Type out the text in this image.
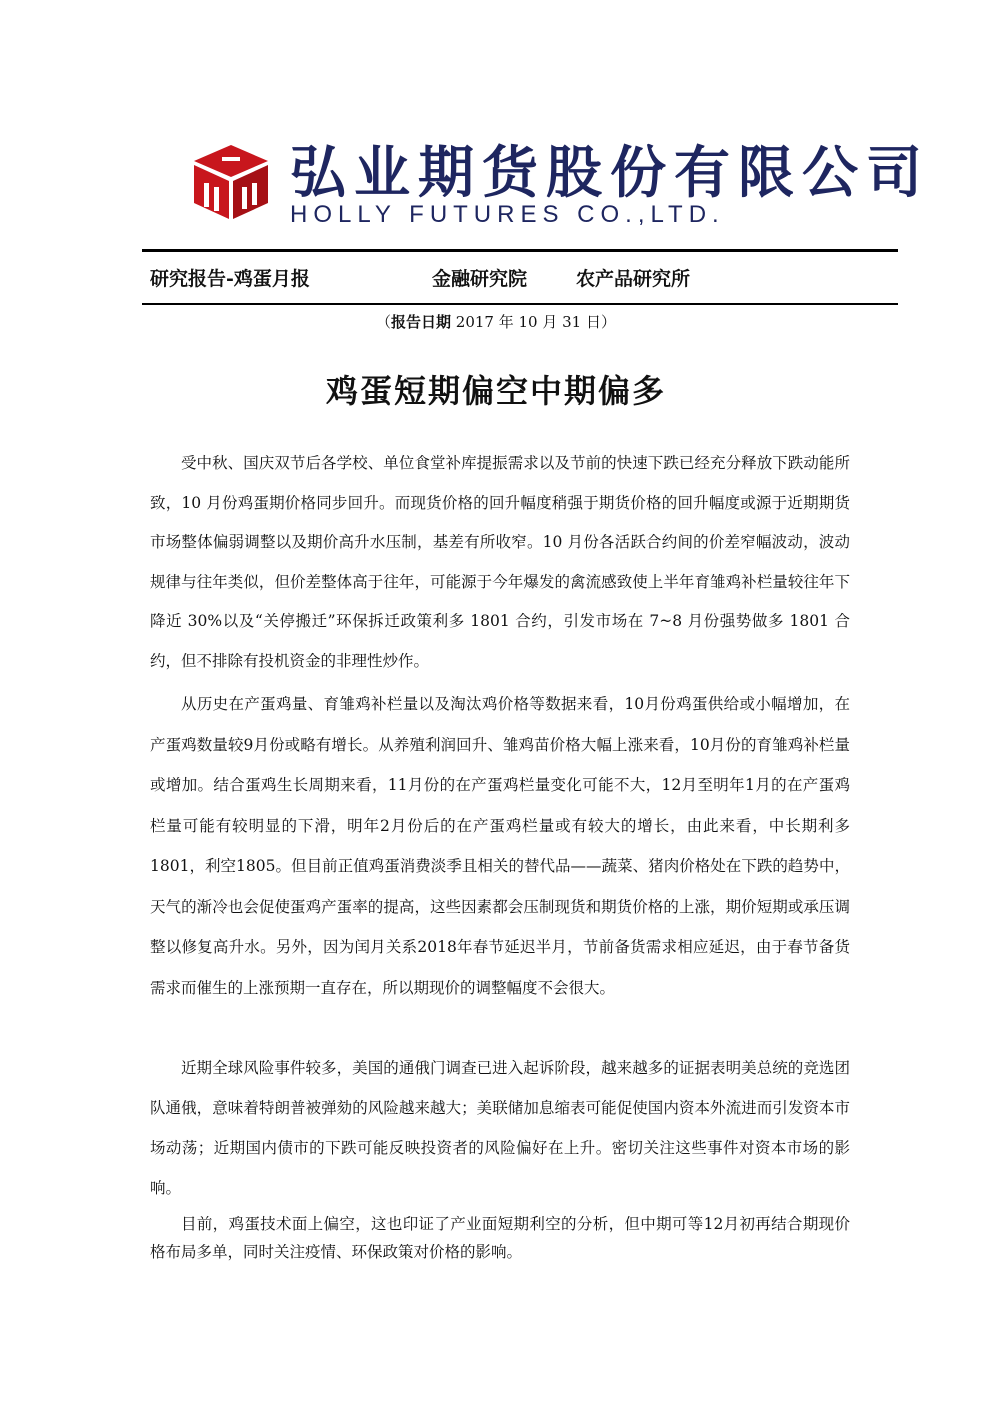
弘业期货股份有限公司
HOLLY FUTURES CO.,LTD.
研究报告-鸡蛋月报	金融研究院	农产品研究所
（报告日期 2017 年 10 月 31 日）
鸡蛋短期偏空中期偏多

受中秋、国庆双节后各学校、单位食堂补库提振需求以及节前的快速下跌已经充分释放下跌动能所致，10 月份鸡蛋期价格同步回升。而现货价格的回升幅度稍强于期货价格的回升幅度或源于近期期货市场整体偏弱调整以及期价高升水压制，基差有所收窄。10 月份各活跃合约间的价差窄幅波动，波动规律与往年类似，但价差整体高于往年，可能源于今年爆发的禽流感致使上半年育雏鸡补栏量较往年下降近 30%以及“关停搬迁”环保拆迁政策利多 1801 合约，引发市场在 7~8 月份强势做多 1801 合约，但不排除有投机资金的非理性炒作。

从历史在产蛋鸡量、育雏鸡补栏量以及淘汰鸡价格等数据来看，10月份鸡蛋供给或小幅增加，在产蛋鸡数量较9月份或略有增长。从养殖利润回升、雏鸡苗价格大幅上涨来看，10月份的育雏鸡补栏量或增加。结合蛋鸡生长周期来看，11月份的在产蛋鸡栏量变化可能不大，12月至明年1月的在产蛋鸡栏量可能有较明显的下滑，明年2月份后的在产蛋鸡栏量或有较大的增长，由此来看，中长期利多1801，利空1805。但目前正值鸡蛋消费淡季且相关的替代品——蔬菜、猪肉价格处在下跌的趋势中，天气的渐冷也会促使蛋鸡产蛋率的提高，这些因素都会压制现货和期货价格的上涨，期价短期或承压调整以修复高升水。另外，因为闰月关系2018年春节延迟半月，节前备货需求相应延迟，由于春节备货需求而催生的上涨预期一直存在，所以期现价的调整幅度不会很大。

近期全球风险事件较多，美国的通俄门调查已进入起诉阶段，越来越多的证据表明美总统的竞选团队通俄，意味着特朗普被弹劾的风险越来越大；美联储加息缩表可能促使国内资本外流进而引发资本市场动荡；近期国内债市的下跌可能反映投资者的风险偏好在上升。密切关注这些事件对资本市场的影响。

目前，鸡蛋技术面上偏空，这也印证了产业面短期利空的分析，但中期可等12月初再结合期现价格布局多单，同时关注疫情、环保政策对价格的影响。
